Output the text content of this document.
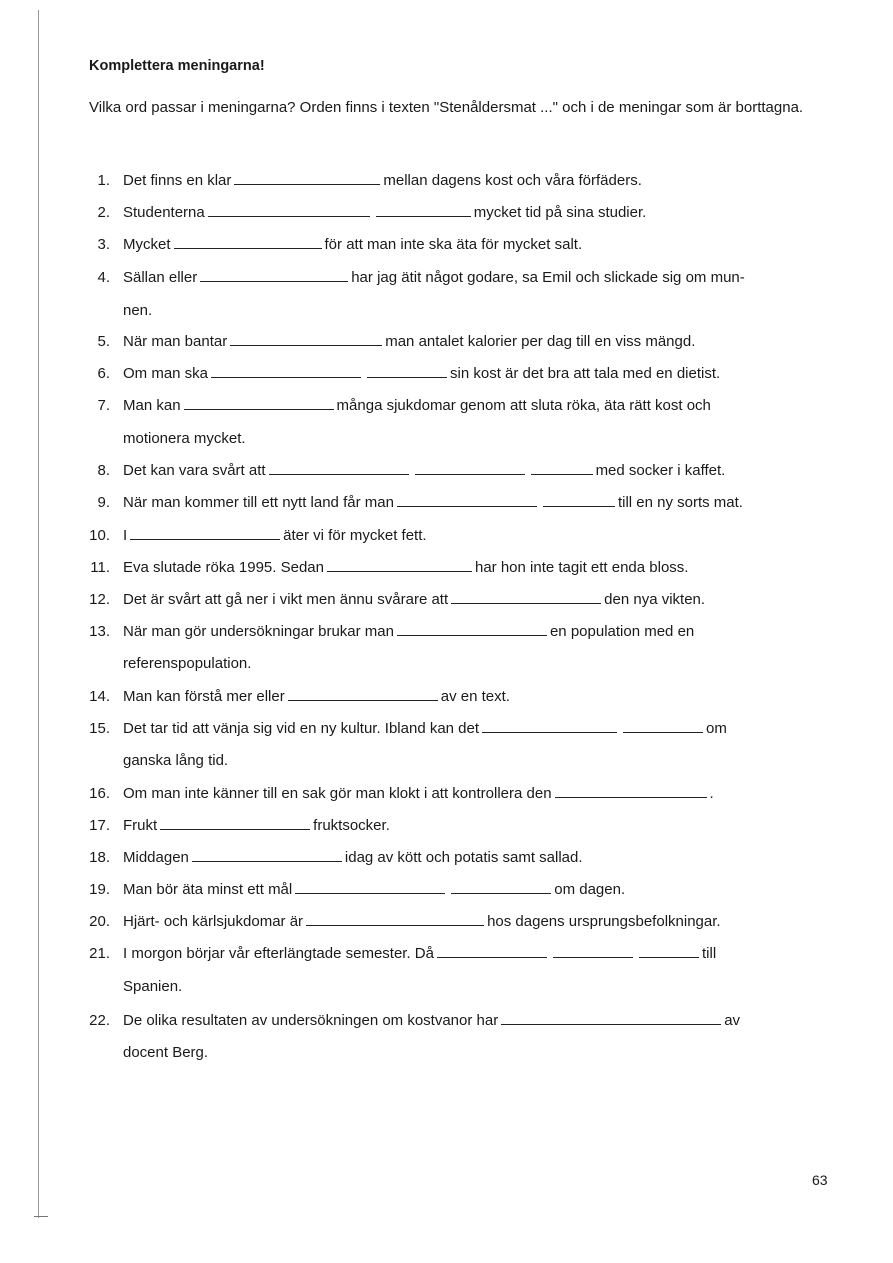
Komplettera meningarna!
Vilka ord passar i meningarna? Orden finns i texten "Stenåldersmat ..." och i de meningar som är borttagna.
1. Det finns en klar	mellan dagens kost och våra förfäders.
2. Studenterna	mycket tid på sina studier.
3. Mycket	för att man inte ska äta för mycket salt.
4. Sällan eller	har jag ätit något godare, sa Emil och slickade sig om mun-
nen.
5. När man bantar	man antalet kalorier per dag till en viss mängd.
6. Om man ska	sin kost är det bra att tala med en dietist.
7. Man kan	många sjukdomar genom att sluta röka, äta rätt kost och
motionera mycket.
8. Det kan vara svårt att	med socker i kaffet.
9. När man kommer till ett nytt land får man	till en ny sorts mat.
10. I	äter vi för mycket fett.
11. Eva slutade röka 1995. Sedan	har hon inte tagit ett enda bloss.
12. Det är svårt att gå ner i vikt men ännu svårare att	den nya vikten.
13. När man gör undersökningar brukar man	en population med en
referenspopulation.
14. Man kan förstå mer eller	av en text.
15. Det tar tid att vänja sig vid en ny kultur. Ibland kan det	om
ganska lång tid.
16. Om man inte känner till en sak gör man klokt i att kontrollera den	.
17. Frukt	fruktsocker.
18. Middagen	idag av kött och potatis samt sallad.
19. Man bör äta minst ett mål	om dagen.
20. Hjärt- och kärlsjukdomar är	hos dagens ursprungsbefolkningar.
21. I morgon börjar vår efterlängtade semester. Då	till
Spanien.
22. De olika resultaten av undersökningen om kostvanor har	av
docent Berg.
63
